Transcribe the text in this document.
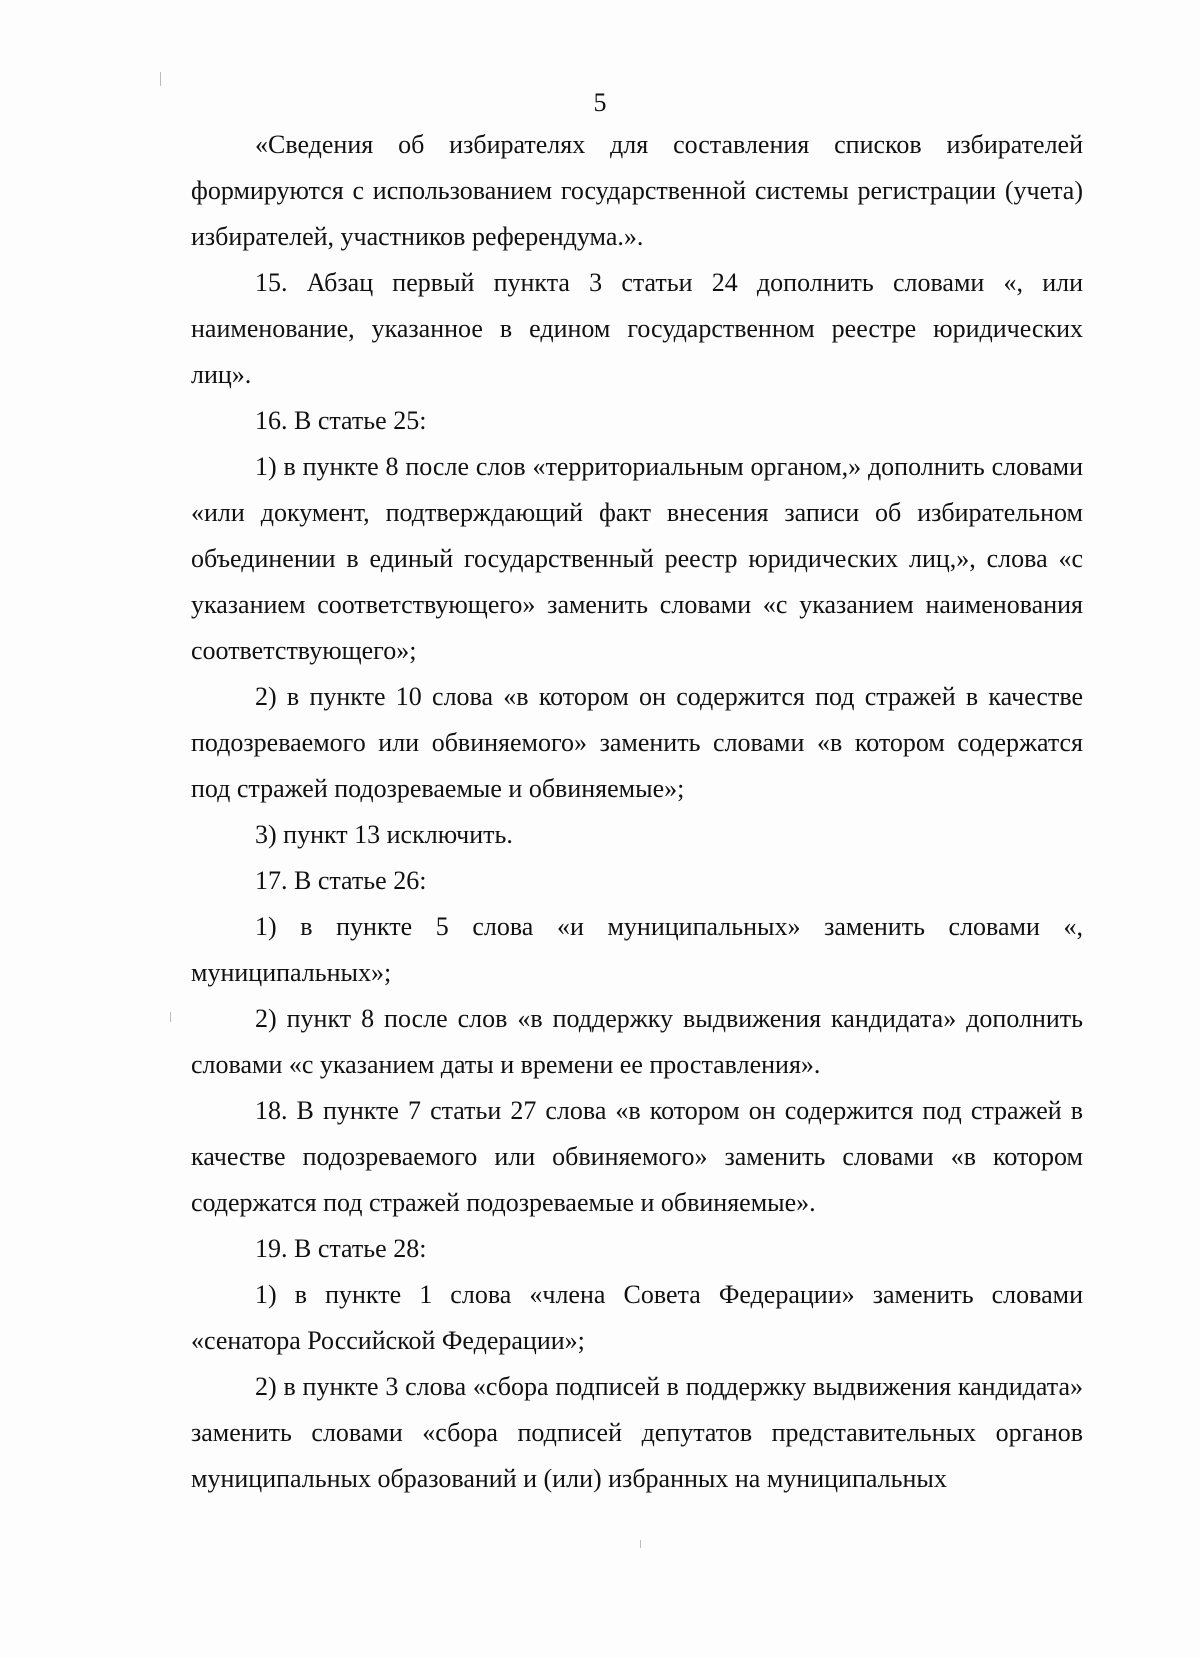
5

«Сведения об избирателях для составления списков избирателей формируются с использованием государственной системы регистрации (учета) избирателей, участников референдума.».

15. Абзац первый пункта 3 статьи 24 дополнить словами «, или наименование, указанное в едином государственном реестре юридических лиц».

16. В статье 25:

1) в пункте 8 после слов «территориальным органом,» дополнить словами «или документ, подтверждающий факт внесения записи об избирательном объединении в единый государственный реестр юридических лиц,», слова «с указанием соответствующего» заменить словами «с указанием наименования соответствующего»;

2) в пункте 10 слова «в котором он содержится под стражей в качестве подозреваемого или обвиняемого» заменить словами «в котором содержатся под стражей подозреваемые и обвиняемые»;

3) пункт 13 исключить.

17. В статье 26:

1) в пункте 5 слова «и муниципальных» заменить словами «, муниципальных»;

2) пункт 8 после слов «в поддержку выдвижения кандидата» дополнить словами «с указанием даты и времени ее проставления».

18. В пункте 7 статьи 27 слова «в котором он содержится под стражей в качестве подозреваемого или обвиняемого» заменить словами «в котором содержатся под стражей подозреваемые и обвиняемые».

19. В статье 28:

1) в пункте 1 слова «члена Совета Федерации» заменить словами «сенатора Российской Федерации»;

2) в пункте 3 слова «сбора подписей в поддержку выдвижения кандидата» заменить словами «сбора подписей депутатов представительных органов муниципальных образований и (или) избранных на муниципальных
